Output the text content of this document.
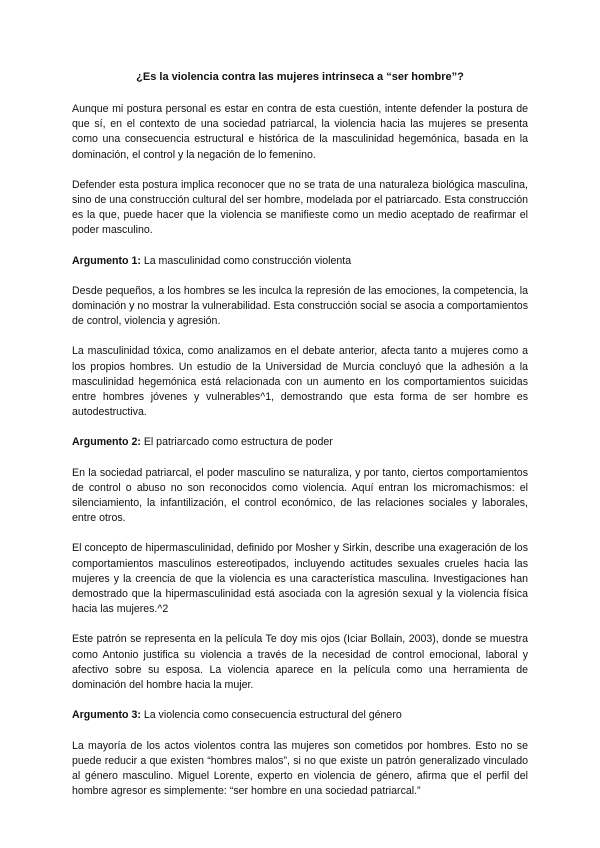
¿Es la violencia contra las mujeres intrinseca a “ser hombre”?

Aunque mi postura personal es estar en contra de esta cuestión, intente defender la postura de que sí, en el contexto de una sociedad patriarcal, la violencia hacia las mujeres se presenta como una consecuencia estructural e histórica de la masculinidad hegemónica, basada en la dominación, el control y la negación de lo femenino.

Defender esta postura implica reconocer que no se trata de una naturaleza biológica masculina, sino de una construcción cultural del ser hombre, modelada por el patriarcado. Esta construcción es la que, puede hacer que la violencia se manifieste como un medio aceptado de reafirmar el poder masculino.

Argumento 1: La masculinidad como construcción violenta

Desde pequeños, a los hombres se les inculca la represión de las emociones, la competencia, la dominación y no mostrar la vulnerabilidad. Esta construcción social se asocia a comportamientos de control, violencia y agresión.

La masculinidad tóxica, como analizamos en el debate anterior, afecta tanto a mujeres como a los propios hombres. Un estudio de la Universidad de Murcia concluyó que la adhesión a la masculinidad hegemónica está relacionada con un aumento en los comportamientos suicidas entre hombres jóvenes y vulnerables^1, demostrando que esta forma de ser hombre es autodestructiva.

Argumento 2: El patriarcado como estructura de poder

En la sociedad patriarcal, el poder masculino se naturaliza, y por tanto, ciertos comportamientos de control o abuso no son reconocidos como violencia. Aquí entran los micromachismos: el silenciamiento, la infantilización, el control económico, de las relaciones sociales y laborales, entre otros.

El concepto de hipermasculinidad, definido por Mosher y Sirkin, describe una exageración de los comportamientos masculinos estereotipados, incluyendo actitudes sexuales crueles hacia las mujeres y la creencia de que la violencia es una característica masculina. Investigaciones han demostrado que la hipermasculinidad está asociada con la agresión sexual y la violencia física hacia las mujeres.^2

Este patrón se representa en la película Te doy mis ojos (Iciar Bollain, 2003), donde se muestra como Antonio justifica su violencia a través de la necesidad de control emocional, laboral y afectivo sobre su esposa. La violencia aparece en la película como una herramienta de dominación del hombre hacia la mujer.

Argumento 3: La violencia como consecuencia estructural del género

La mayoría de los actos violentos contra las mujeres son cometidos por hombres. Esto no se puede reducir a que existen “hombres malos”, si no que existe un patrón generalizado vinculado al género masculino. Miguel Lorente, experto en violencia de género, afirma que el perfil del hombre agresor es simplemente: “ser hombre en una sociedad patriarcal.”
